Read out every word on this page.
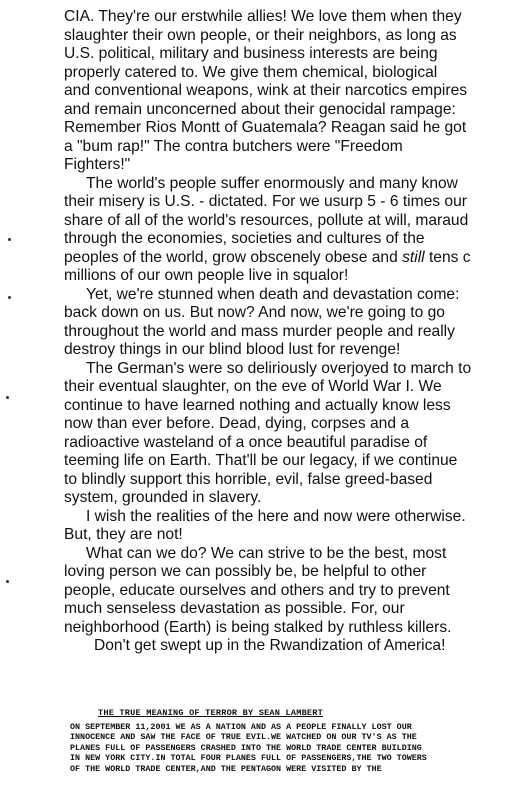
CIA. They're our erstwhile allies! We love them when they
slaughter their own people, or their neighbors, as long as
U.S. political, military and business interests are being
properly catered to. We give them chemical, biological
and conventional weapons, wink at their narcotics empires
and remain unconcerned about their genocidal rampage:
Remember Rios Montt of Guatemala? Reagan said he got
a "bum rap!" The contra butchers were "Freedom
Fighters!"
The world's people suffer enormously and many know
their misery is U.S. - dictated. For we usurp 5 - 6 times our
share of all of the world's resources, pollute at will, maraud
through the economies, societies and cultures of the
peoples of the world, grow obscenely obese and still tens c
millions of our own people live in squalor!
Yet, we're stunned when death and devastation come:
back down on us. But now? And now, we're going to go
throughout the world and mass murder people and really
destroy things in our blind blood lust for revenge!
The German's were so deliriously overjoyed to march to
their eventual slaughter, on the eve of World War I. We
continue to have learned nothing and actually know less
now than ever before. Dead, dying, corpses and a
radioactive wasteland of a once beautiful paradise of
teeming life on Earth. That'll be our legacy, if we continue
to blindly support this horrible, evil, false greed-based
system, grounded in slavery.
I wish the realities of the here and now were otherwise.
But, they are not!
What can we do? We can strive to be the best, most
loving person we can possibly be, be helpful to other
people, educate ourselves and others and try to prevent
much senseless devastation as possible. For, our
neighborhood (Earth) is being stalked by ruthless killers.
Don't get swept up in the Rwandization of America!
THE TRUE MEANING OF TERROR BY SEAN LAMBERT
ON SEPTEMBER 11,2001 WE AS A NATION AND AS A PEOPLE FINALLY LOST OUR
INNOCENCE AND SAW THE FACE OF TRUE EVIL.WE WATCHED ON OUR TV'S AS THE
PLANES FULL OF PASSENGERS CRASHED INTO THE WORLD TRADE CENTER BUILDING
IN NEW YORK CITY.IN TOTAL FOUR PLANES FULL OF PASSENGERS,THE TWO TOWERS
OF THE WORLD TRADE CENTER,AND THE PENTAGON WERE VISITED BY THE
